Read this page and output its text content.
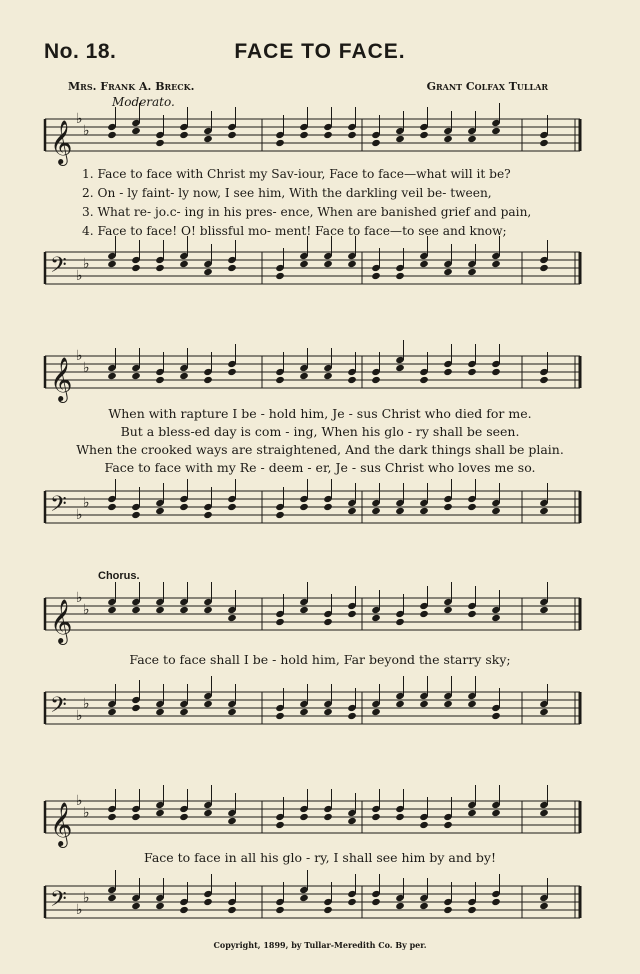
No. 18.	FACE TO FACE.
Mrs. Frank A. Breck.	Grant Colfax Tullar
Moderato.
𝄞
♭
♭
1. Face to face with Christ my Sav-iour, Face to face—what will it be?
2. On - ly faint- ly now, I see him, With the darkling veil be- tween,
3. What re- jo.c- ing in his pres- ence, When are banished grief and pain,
4. Face to face! O! blissful mo- ment! Face to face—to see and know;
𝄢 ♭
♭
𝄞
♭
♭
When with rapture I be - hold him, Je - sus Christ who died for me.
But a bless-ed day is com - ing, When his glo - ry shall be seen.
When the crooked ways are straightened, And the dark things shall be plain.
Face to face with my Re - deem - er, Je - sus Christ who loves me so.
𝄢 ♭
♭
Chorus.
𝄞
♭
♭
Face to face shall I be - hold him, Far beyond the starry sky;
𝄢 ♭
♭
𝄞
♭
♭
Face to face in all his glo - ry, I shall see him by and by!
𝄢 ♭
♭
Copyright, 1899, by Tullar-Meredith Co. By per.
